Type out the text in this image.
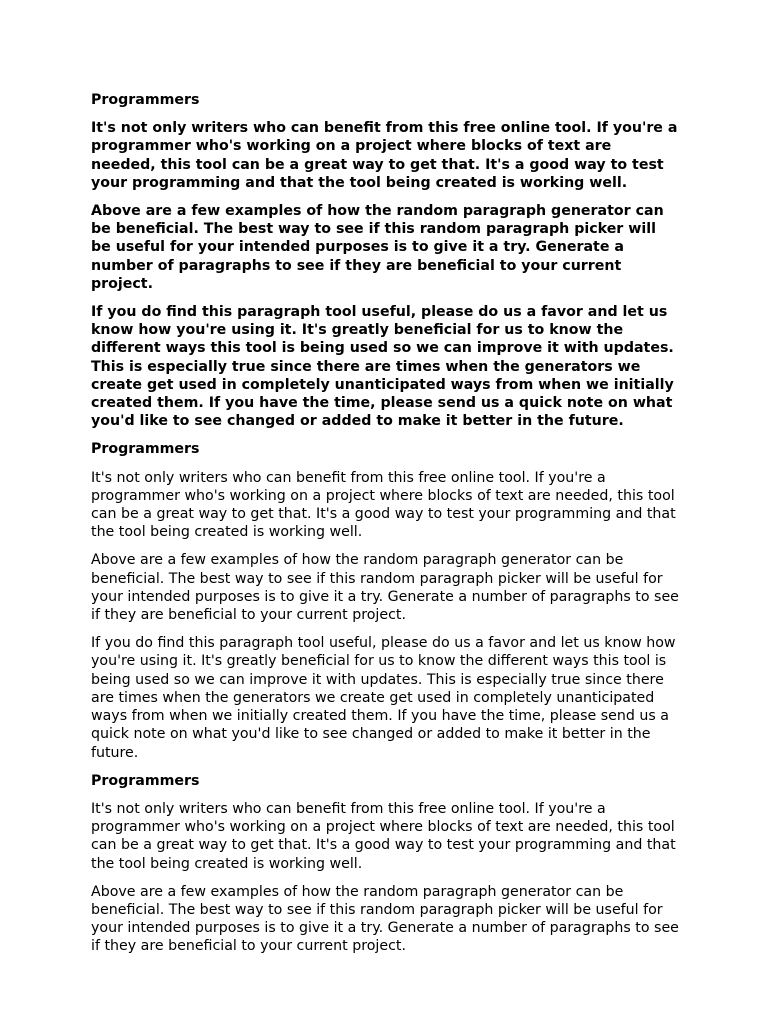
Programmers

It's not only writers who can benefit from this free online tool. If you're a programmer who's working on a project where blocks of text are needed, this tool can be a great way to get that. It's a good way to test your programming and that the tool being created is working well.

Above are a few examples of how the random paragraph generator can be beneficial. The best way to see if this random paragraph picker will be useful for your intended purposes is to give it a try. Generate a number of paragraphs to see if they are beneficial to your current project.

If you do find this paragraph tool useful, please do us a favor and let us know how you're using it. It's greatly beneficial for us to know the different ways this tool is being used so we can improve it with updates. This is especially true since there are times when the generators we create get used in completely unanticipated ways from when we initially created them. If you have the time, please send us a quick note on what you'd like to see changed or added to make it better in the future.

Programmers

It's not only writers who can benefit from this free online tool. If you're a programmer who's working on a project where blocks of text are needed, this tool can be a great way to get that. It's a good way to test your programming and that the tool being created is working well.

Above are a few examples of how the random paragraph generator can be beneficial. The best way to see if this random paragraph picker will be useful for your intended purposes is to give it a try. Generate a number of paragraphs to see if they are beneficial to your current project.

If you do find this paragraph tool useful, please do us a favor and let us know how you're using it. It's greatly beneficial for us to know the different ways this tool is being used so we can improve it with updates. This is especially true since there are times when the generators we create get used in completely unanticipated ways from when we initially created them. If you have the time, please send us a quick note on what you'd like to see changed or added to make it better in the future.

Programmers

It's not only writers who can benefit from this free online tool. If you're a programmer who's working on a project where blocks of text are needed, this tool can be a great way to get that. It's a good way to test your programming and that the tool being created is working well.

Above are a few examples of how the random paragraph generator can be beneficial. The best way to see if this random paragraph picker will be useful for your intended purposes is to give it a try. Generate a number of paragraphs to see if they are beneficial to your current project.
